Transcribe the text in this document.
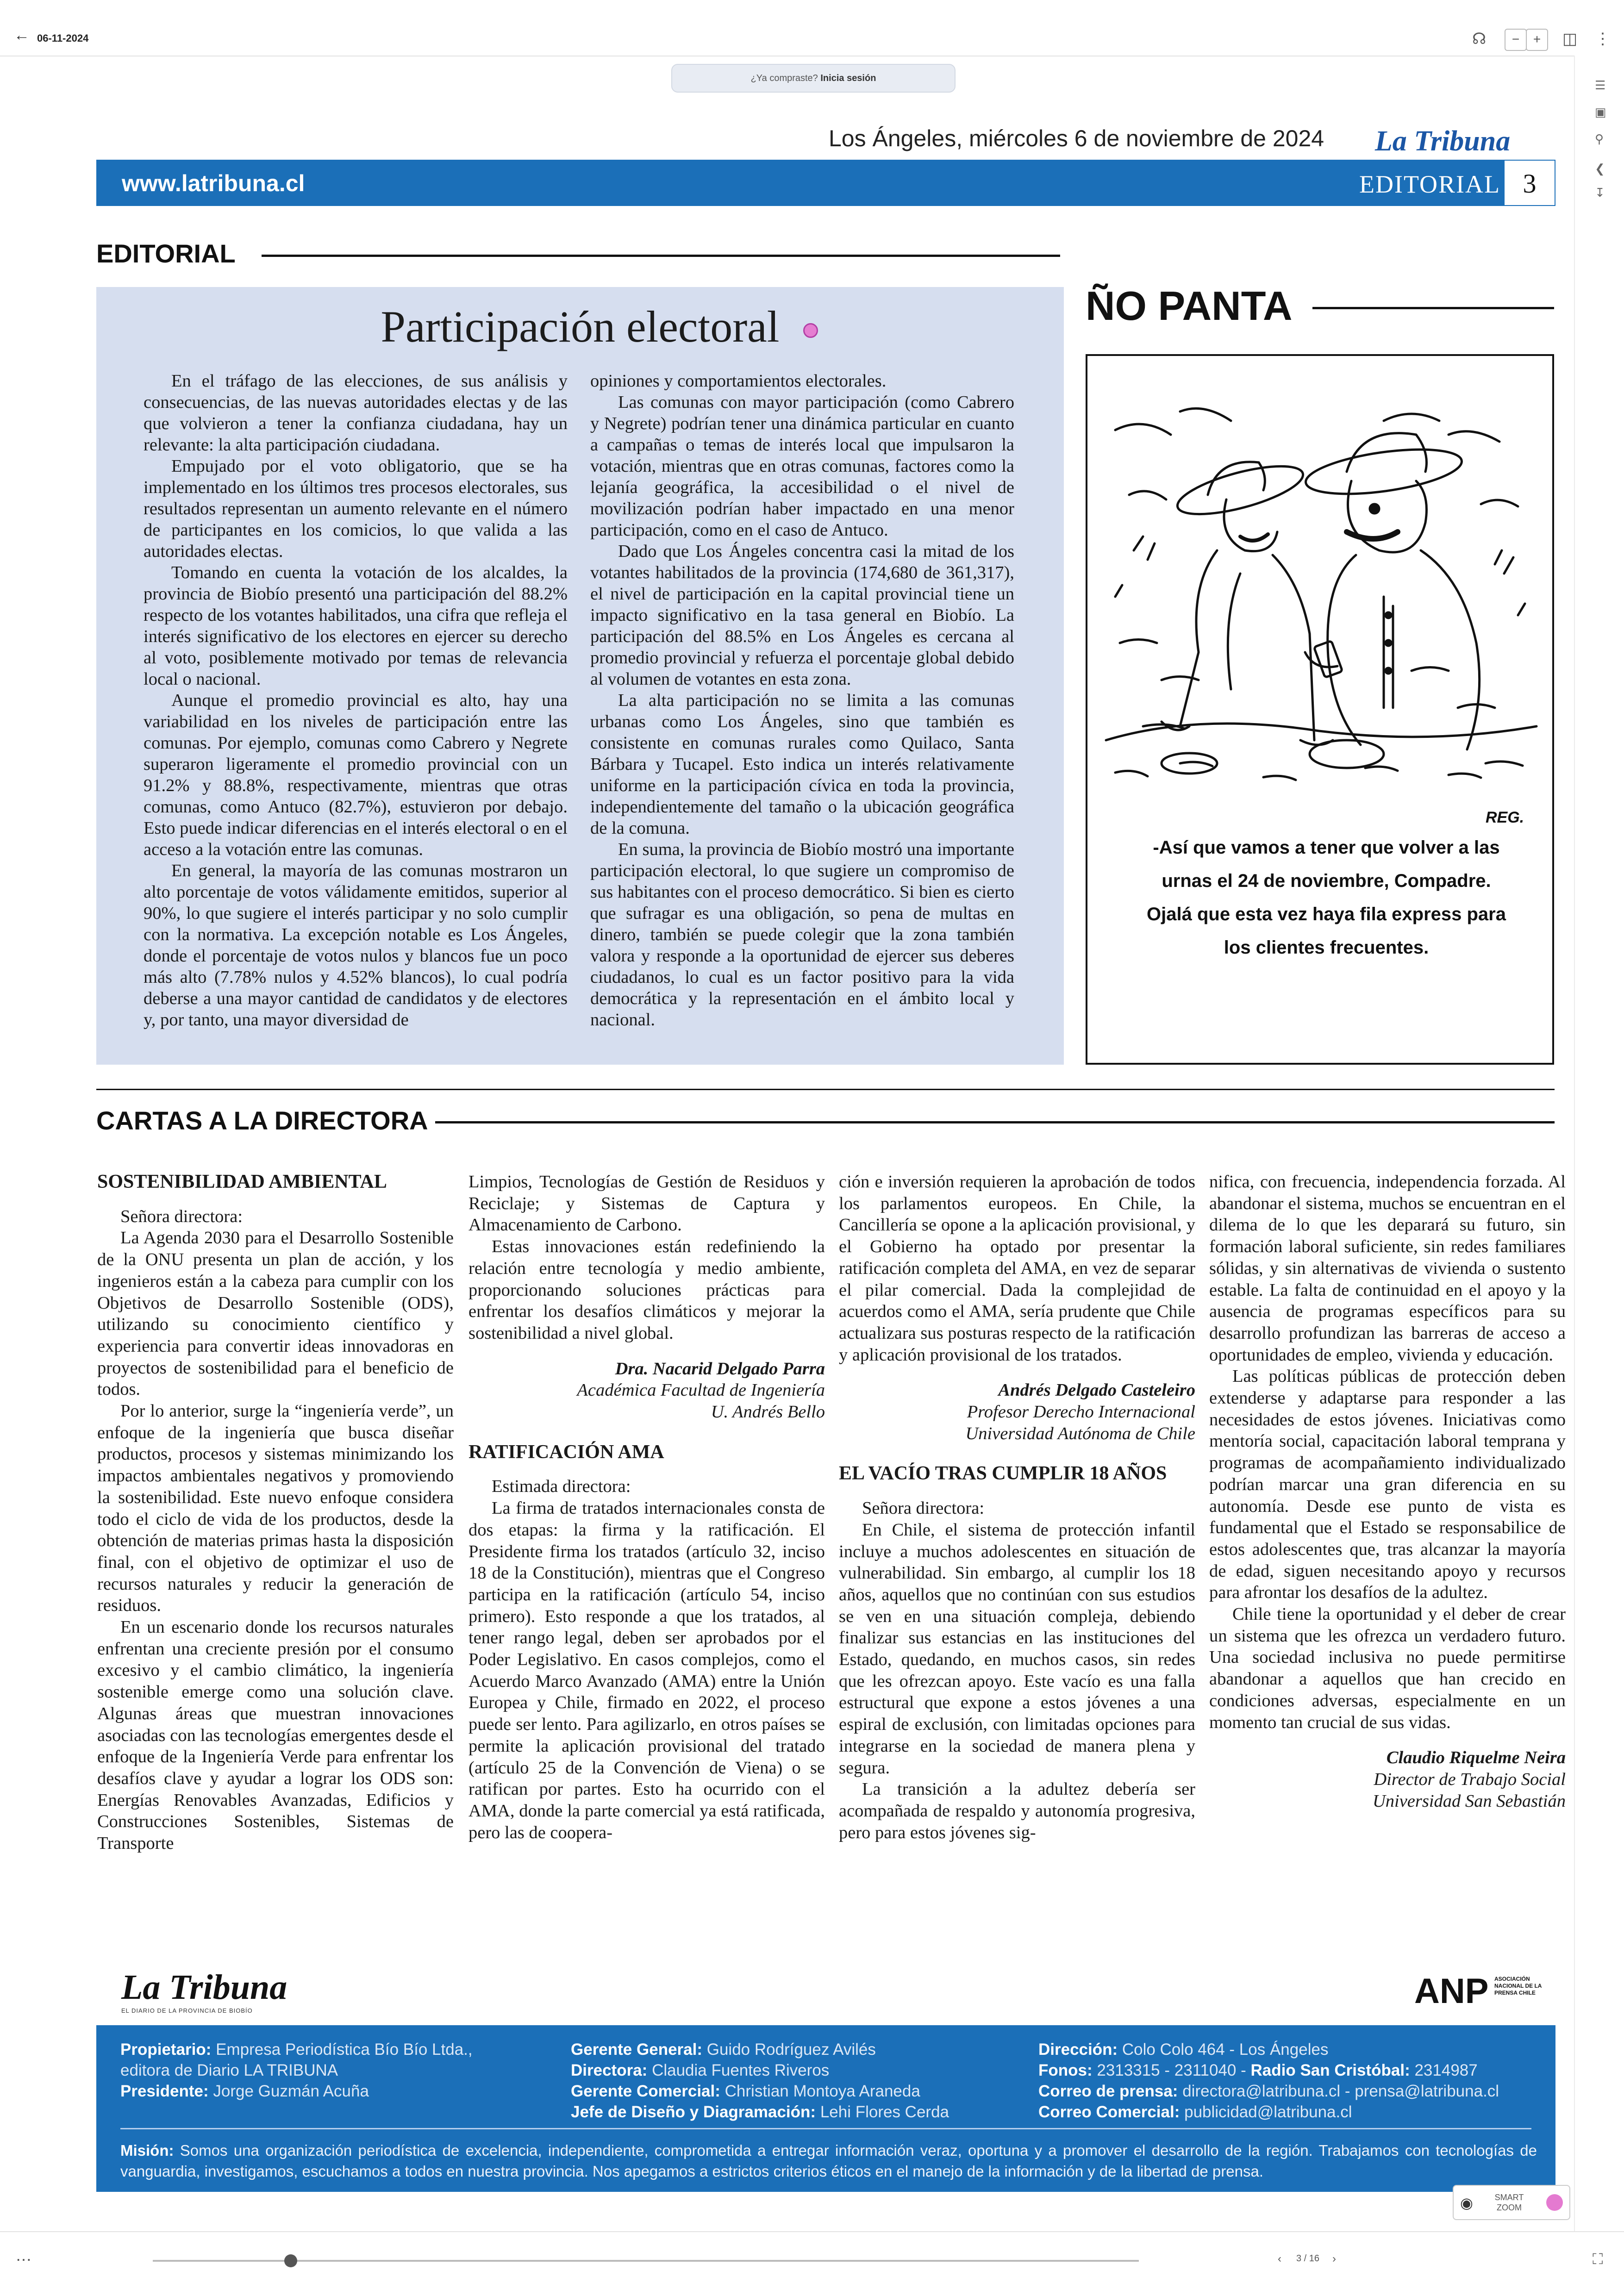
← 06-11-2024	☊	−	+	◫ ⋮
¿Ya compraste? Inicia sesión
☰
▣
⚲
❮
↧
Los Ángeles, miércoles 6 de noviembre de 2024 La Tribuna
www.latribuna.cl	EDITORIAL 3
EDITORIAL
Participación electoral

En el tráfago de las elecciones, de sus análisis y consecuencias, de las nuevas autoridades electas y de las que volvieron a tener la confianza ciudadana, hay un relevante: la alta participación ciudadana.

Empujado por el voto obligatorio, que se ha implementado en los últimos tres procesos electorales, sus resultados representan un aumento relevante en el número de participantes en los comicios, lo que valida a las autoridades electas.

Tomando en cuenta la votación de los alcaldes, la provincia de Biobío presentó una participación del 88.2% respecto de los votantes habilitados, una cifra que refleja el interés significativo de los electores en ejercer su derecho al voto, posiblemente motivado por temas de relevancia local o nacional.

Aunque el promedio provincial es alto, hay una variabilidad en los niveles de participación entre las comunas. Por ejemplo, comunas como Cabrero y Negrete superaron ligeramente el promedio provincial con un 91.2% y 88.8%, respectivamente, mientras que otras comunas, como Antuco (82.7%), estuvieron por debajo. Esto puede indicar diferencias en el interés electoral o en el acceso a la votación entre las comunas.

En general, la mayoría de las comunas mostraron un alto porcentaje de votos válidamente emitidos, superior al 90%, lo que sugiere el interés participar y no solo cumplir con la normativa. La excepción notable es Los Ángeles, donde el porcentaje de votos nulos y blancos fue un poco más alto (7.78% nulos y 4.52% blancos), lo cual podría deberse a una mayor cantidad de candidatos y de electores y, por tanto, una mayor diversidad de

opiniones y comportamientos electorales.

Las comunas con mayor participación (como Cabrero y Negrete) podrían tener una dinámica particular en cuanto a campañas o temas de interés local que impulsaron la votación, mientras que en otras comunas, factores como la lejanía geográfica, la accesibilidad o el nivel de movilización podrían haber impactado en una menor participación, como en el caso de Antuco.

Dado que Los Ángeles concentra casi la mitad de los votantes habilitados de la provincia (174,680 de 361,317), el nivel de participación en la capital provincial tiene un impacto significativo en la tasa general en Biobío. La participación del 88.5% en Los Ángeles es cercana al promedio provincial y refuerza el porcentaje global debido al volumen de votantes en esta zona.

La alta participación no se limita a las comunas urbanas como Los Ángeles, sino que también es consistente en comunas rurales como Quilaco, Santa Bárbara y Tucapel. Esto indica un interés relativamente uniforme en la participación cívica en toda la provincia, independientemente del tamaño o la ubicación geográfica de la comuna.

En suma, la provincia de Biobío mostró una importante participación electoral, lo que sugiere un compromiso de sus habitantes con el proceso democrático. Si bien es cierto que sufragar es una obligación, so pena de multas en dinero, también se puede colegir que la zona también valora y responde a la oportunidad de ejercer sus deberes ciudadanos, lo cual es un factor positivo para la vida democrática y la representación en el ámbito local y nacional.

ÑO PANTA
REG.
-Así que vamos a tener que volver a las urnas el 24 de noviembre, Compadre. Ojalá que esta vez haya fila express para los clientes frecuentes.
CARTAS A LA DIRECTORA

SOSTENIBILIDAD AMBIENTAL

Señora directora:

La Agenda 2030 para el Desarrollo Sostenible de la ONU presenta un plan de acción, y los ingenieros están a la cabeza para cumplir con los Objetivos de Desarrollo Sostenible (ODS), utilizando su conocimiento científico y experiencia para convertir ideas innovadoras en proyectos de sostenibilidad para el beneficio de todos.

Por lo anterior, surge la “ingeniería verde”, un enfoque de la ingeniería que busca diseñar productos, procesos y sistemas minimizando los impactos ambientales negativos y promoviendo la sostenibilidad. Este nuevo enfoque considera todo el ciclo de vida de los productos, desde la obtención de materias primas hasta la disposición final, con el objetivo de optimizar el uso de recursos naturales y reducir la generación de residuos.

En un escenario donde los recursos naturales enfrentan una creciente presión por el consumo excesivo y el cambio climático, la ingeniería sostenible emerge como una solución clave. Algunas áreas que muestran innovaciones asociadas con las tecnologías emergentes desde el enfoque de la Ingeniería Verde para enfrentar los desafíos clave y ayudar a lograr los ODS son: Energías Renovables Avanzadas, Edificios y Construcciones Sostenibles, Sistemas de Transporte

Limpios, Tecnologías de Gestión de Residuos y Reciclaje; y Sistemas de Captura y Almacenamiento de Carbono.

Estas innovaciones están redefiniendo la relación entre tecnología y medio ambiente, proporcionando soluciones prácticas para enfrentar los desafíos climáticos y mejorar la sostenibilidad a nivel global.

Dra. Nacarid Delgado Parra

Académica Facultad de Ingeniería

U. Andrés Bello

RATIFICACIÓN AMA

Estimada directora:

La firma de tratados internacionales consta de dos etapas: la firma y la ratificación. El Presidente firma los tratados (artículo 32, inciso 18 de la Constitución), mientras que el Congreso participa en la ratificación (artículo 54, inciso primero). Esto responde a que los tratados, al tener rango legal, deben ser aprobados por el Poder Legislativo. En casos complejos, como el Acuerdo Marco Avanzado (AMA) entre la Unión Europea y Chile, firmado en 2022, el proceso puede ser lento. Para agilizarlo, en otros países se permite la aplicación provisional del tratado (artículo 25 de la Convención de Viena) o se ratifican por partes. Esto ha ocurrido con el AMA, donde la parte comercial ya está ratificada, pero las de coopera-

ción e inversión requieren la aprobación de todos los parlamentos europeos. En Chile, la Cancillería se opone a la aplicación provisional, y el Gobierno ha optado por presentar la ratificación completa del AMA, en vez de separar el pilar comercial. Dada la complejidad de acuerdos como el AMA, sería prudente que Chile actualizara sus posturas respecto de la ratificación y aplicación provisional de los tratados.

Andrés Delgado Casteleiro

Profesor Derecho Internacional

Universidad Autónoma de Chile

EL VACÍO TRAS CUMPLIR 18 AÑOS

Señora directora:

En Chile, el sistema de protección infantil incluye a muchos adolescentes en situación de vulnerabilidad. Sin embargo, al cumplir los 18 años, aquellos que no continúan con sus estudios se ven en una situación compleja, debiendo finalizar sus estancias en las instituciones del Estado, quedando, en muchos casos, sin redes que les ofrezcan apoyo. Este vacío es una falla estructural que expone a estos jóvenes a una espiral de exclusión, con limitadas opciones para integrarse en la sociedad de manera plena y segura.

La transición a la adultez debería ser acompañada de respaldo y autonomía progresiva, pero para estos jóvenes sig-

nifica, con frecuencia, independencia forzada. Al abandonar el sistema, muchos se encuentran en el dilema de lo que les deparará su futuro, sin formación laboral suficiente, sin redes familiares sólidas, y sin alternativas de vivienda o sustento estable. La falta de continuidad en el apoyo y la ausencia de programas específicos para su desarrollo profundizan las barreras de acceso a oportunidades de empleo, vivienda y educación.

Las políticas públicas de protección deben extenderse y adaptarse para responder a las necesidades de estos jóvenes. Iniciativas como mentoría social, capacitación laboral temprana y programas de acompañamiento individualizado podrían marcar una gran diferencia en su autonomía. Desde ese punto de vista es fundamental que el Estado se responsabilice de estos adolescentes que, tras alcanzar la mayoría de edad, siguen necesitando apoyo y recursos para afrontar los desafíos de la adultez.

Chile tiene la oportunidad y el deber de crear un sistema que les ofrezca un verdadero futuro. Una sociedad inclusiva no puede permitirse abandonar a aquellos que han crecido en condiciones adversas, especialmente en un momento tan crucial de sus vidas.

Claudio Riquelme Neira

Director de Trabajo Social

Universidad San Sebastián

La Tribuna
EL DIARIO DE LA PROVINCIA DE BIOBÍO	ANP ASOCIACIÓN NACIONAL DE LA PRENSA CHILE
Propietario: Empresa Periodística Bío Bío Ltda.,
editora de Diario LA TRIBUNA
Presidente: Jorge Guzmán Acuña
Gerente General: Guido Rodríguez Avilés
Directora: Claudia Fuentes Riveros
Gerente Comercial: Christian Montoya Araneda
Jefe de Diseño y Diagramación: Lehi Flores Cerda
Dirección: Colo Colo 464 - Los Ángeles
Fonos: 2313315 - 2311040 - Radio San Cristóbal: 2314987
Correo de prensa: directora@latribuna.cl - prensa@latribuna.cl
Correo Comercial: publicidad@latribuna.cl
Misión: Somos una organización periodística de excelencia, independiente, comprometida a entregar información veraz, oportuna y a promover el desarrollo de la región. Trabajamos con tecnologías de vanguardia, investigamos, escuchamos a todos en nuestra provincia. Nos apegamos a estrictos criterios éticos en el manejo de la información y de la libertad de prensa.
◉	SMART ZOOM
⋯	‹ 3 / 16 ›	⛶
